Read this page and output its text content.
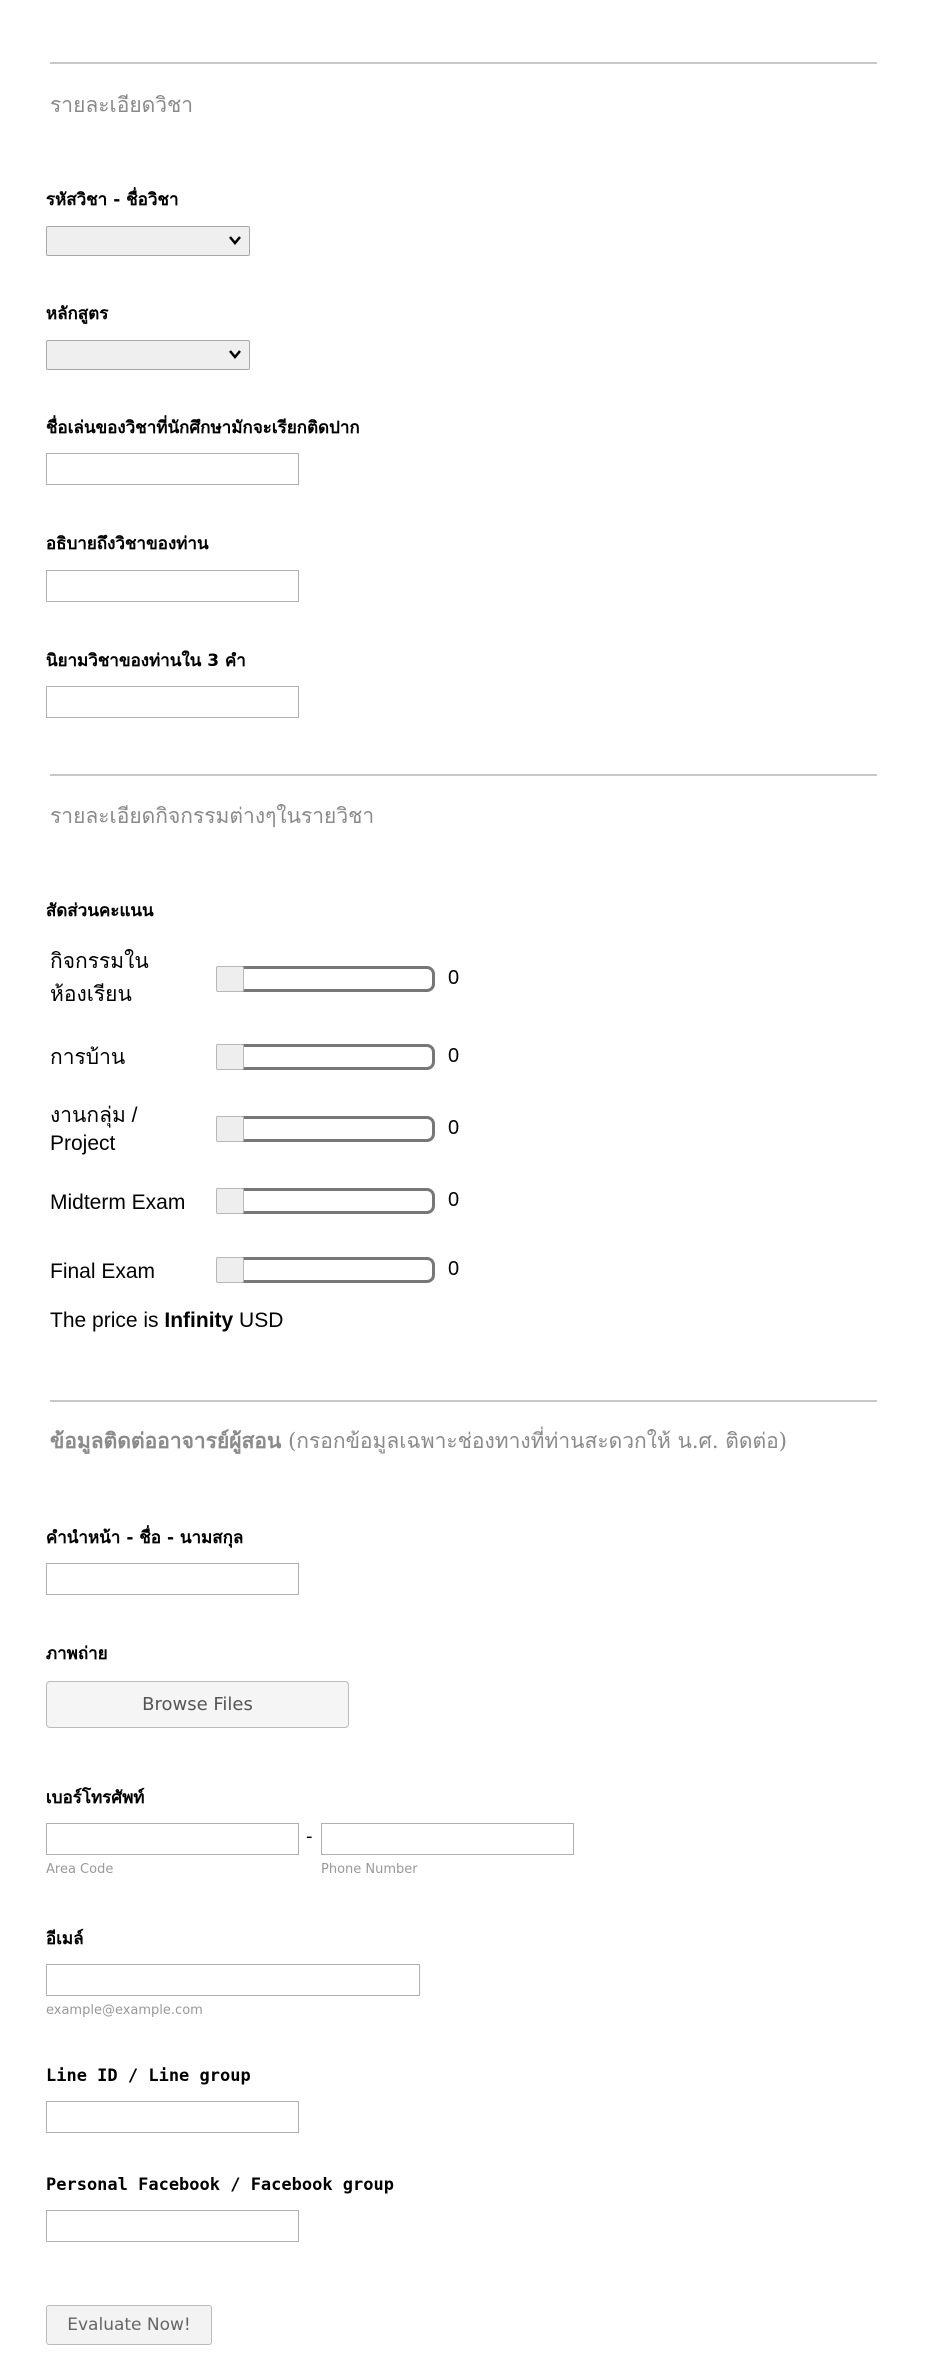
รายละเอียดวิชา
รหัสวิชา - ชื่อวิชา
หลักสูตร
ชื่อเล่นของวิชาที่นักศึกษามักจะเรียกติดปาก
อธิบายถึงวิชาของท่าน
นิยามวิชาของท่านใน 3 คำ
รายละเอียดกิจกรรมต่างๆในรายวิชา
สัดส่วนคะแนน
กิจกรรมใน
ห้องเรียน
0
การบ้าน	0
งานกลุ่ม /
Project
0
Midterm Exam	0
Final Exam	0
The price is Infinity USD
ข้อมูลติดต่ออาจารย์ผู้สอน (กรอกข้อมูลเฉพาะช่องทางที่ท่านสะดวกให้ น.ศ. ติดต่อ)
คำนำหน้า - ชื่อ - นามสกุล
ภาพถ่าย
Browse Files
เบอร์โทรศัพท์
-
Area Code	Phone Number
อีเมล์
example@example.com
Line ID / Line group
Personal Facebook / Facebook group
Evaluate Now!
